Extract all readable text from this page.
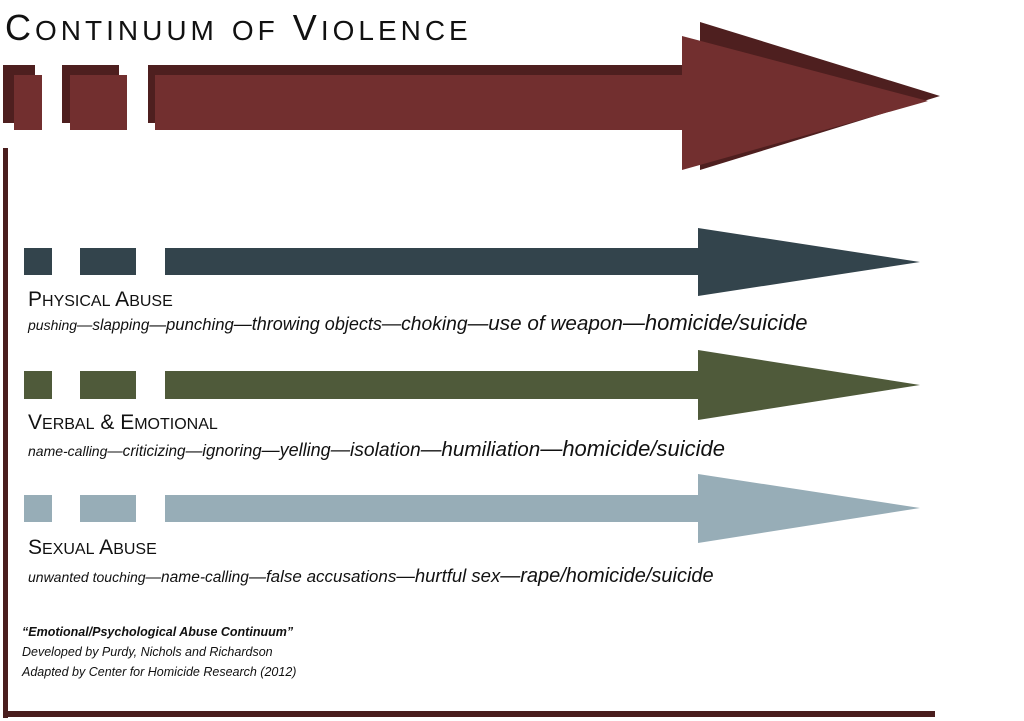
CONTINUUM OF VIOLENCE
PHYSICAL ABUSE
pushing—slapping—punching—throwing objects—choking—use of weapon—homicide/suicide
VERBAL & EMOTIONAL
name-calling—criticizing—ignoring—yelling—isolation—humiliation—homicide/suicide
SEXUAL ABUSE
unwanted touching—name-calling—false accusations—hurtful sex—rape/homicide/suicide
“Emotional/Psychological Abuse Continuum”
Developed by Purdy, Nichols and Richardson
Adapted by Center for Homicide Research (2012)
